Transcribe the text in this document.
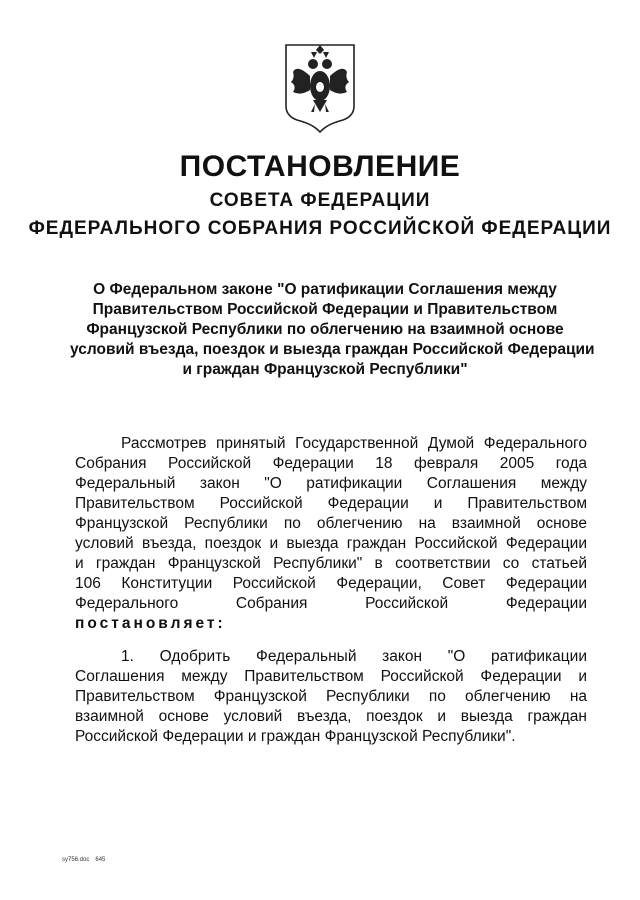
ПОСТАНОВЛЕНИЕ
СОВЕТА ФЕДЕРАЦИИ
ФЕДЕРАЛЬНОГО СОБРАНИЯ РОССИЙСКОЙ ФЕДЕРАЦИИ
О Федеральном законе "О ратификации Соглашения между
Правительством Российской Федерации и Правительством
Французской Республики по облегчению на взаимной основе
условий въезда, поездок и выезда граждан Российской Федерации
и граждан Французской Республики"
Рассмотрев принятый Государственной Думой Федерального
Собрания Российской Федерации 18 февраля 2005 года
Федеральный закон "О ратификации Соглашения между
Правительством Российской Федерации и Правительством
Французской Республики по облегчению на взаимной основе
условий въезда, поездок и выезда граждан Российской Федерации
и граждан Французской Республики" в соответствии со статьей
106 Конституции Российской Федерации, Совет Федерации
Федерального Собрания Российской Федерации
постановляет:
1. Одобрить Федеральный закон "О ратификации
Соглашения между Правительством Российской Федерации и
Правительством Французской Республики по облегчению на
взаимной основе условий въезда, поездок и выезда граждан
Российской Федерации и граждан Французской Республики".
sy756.doc 645
